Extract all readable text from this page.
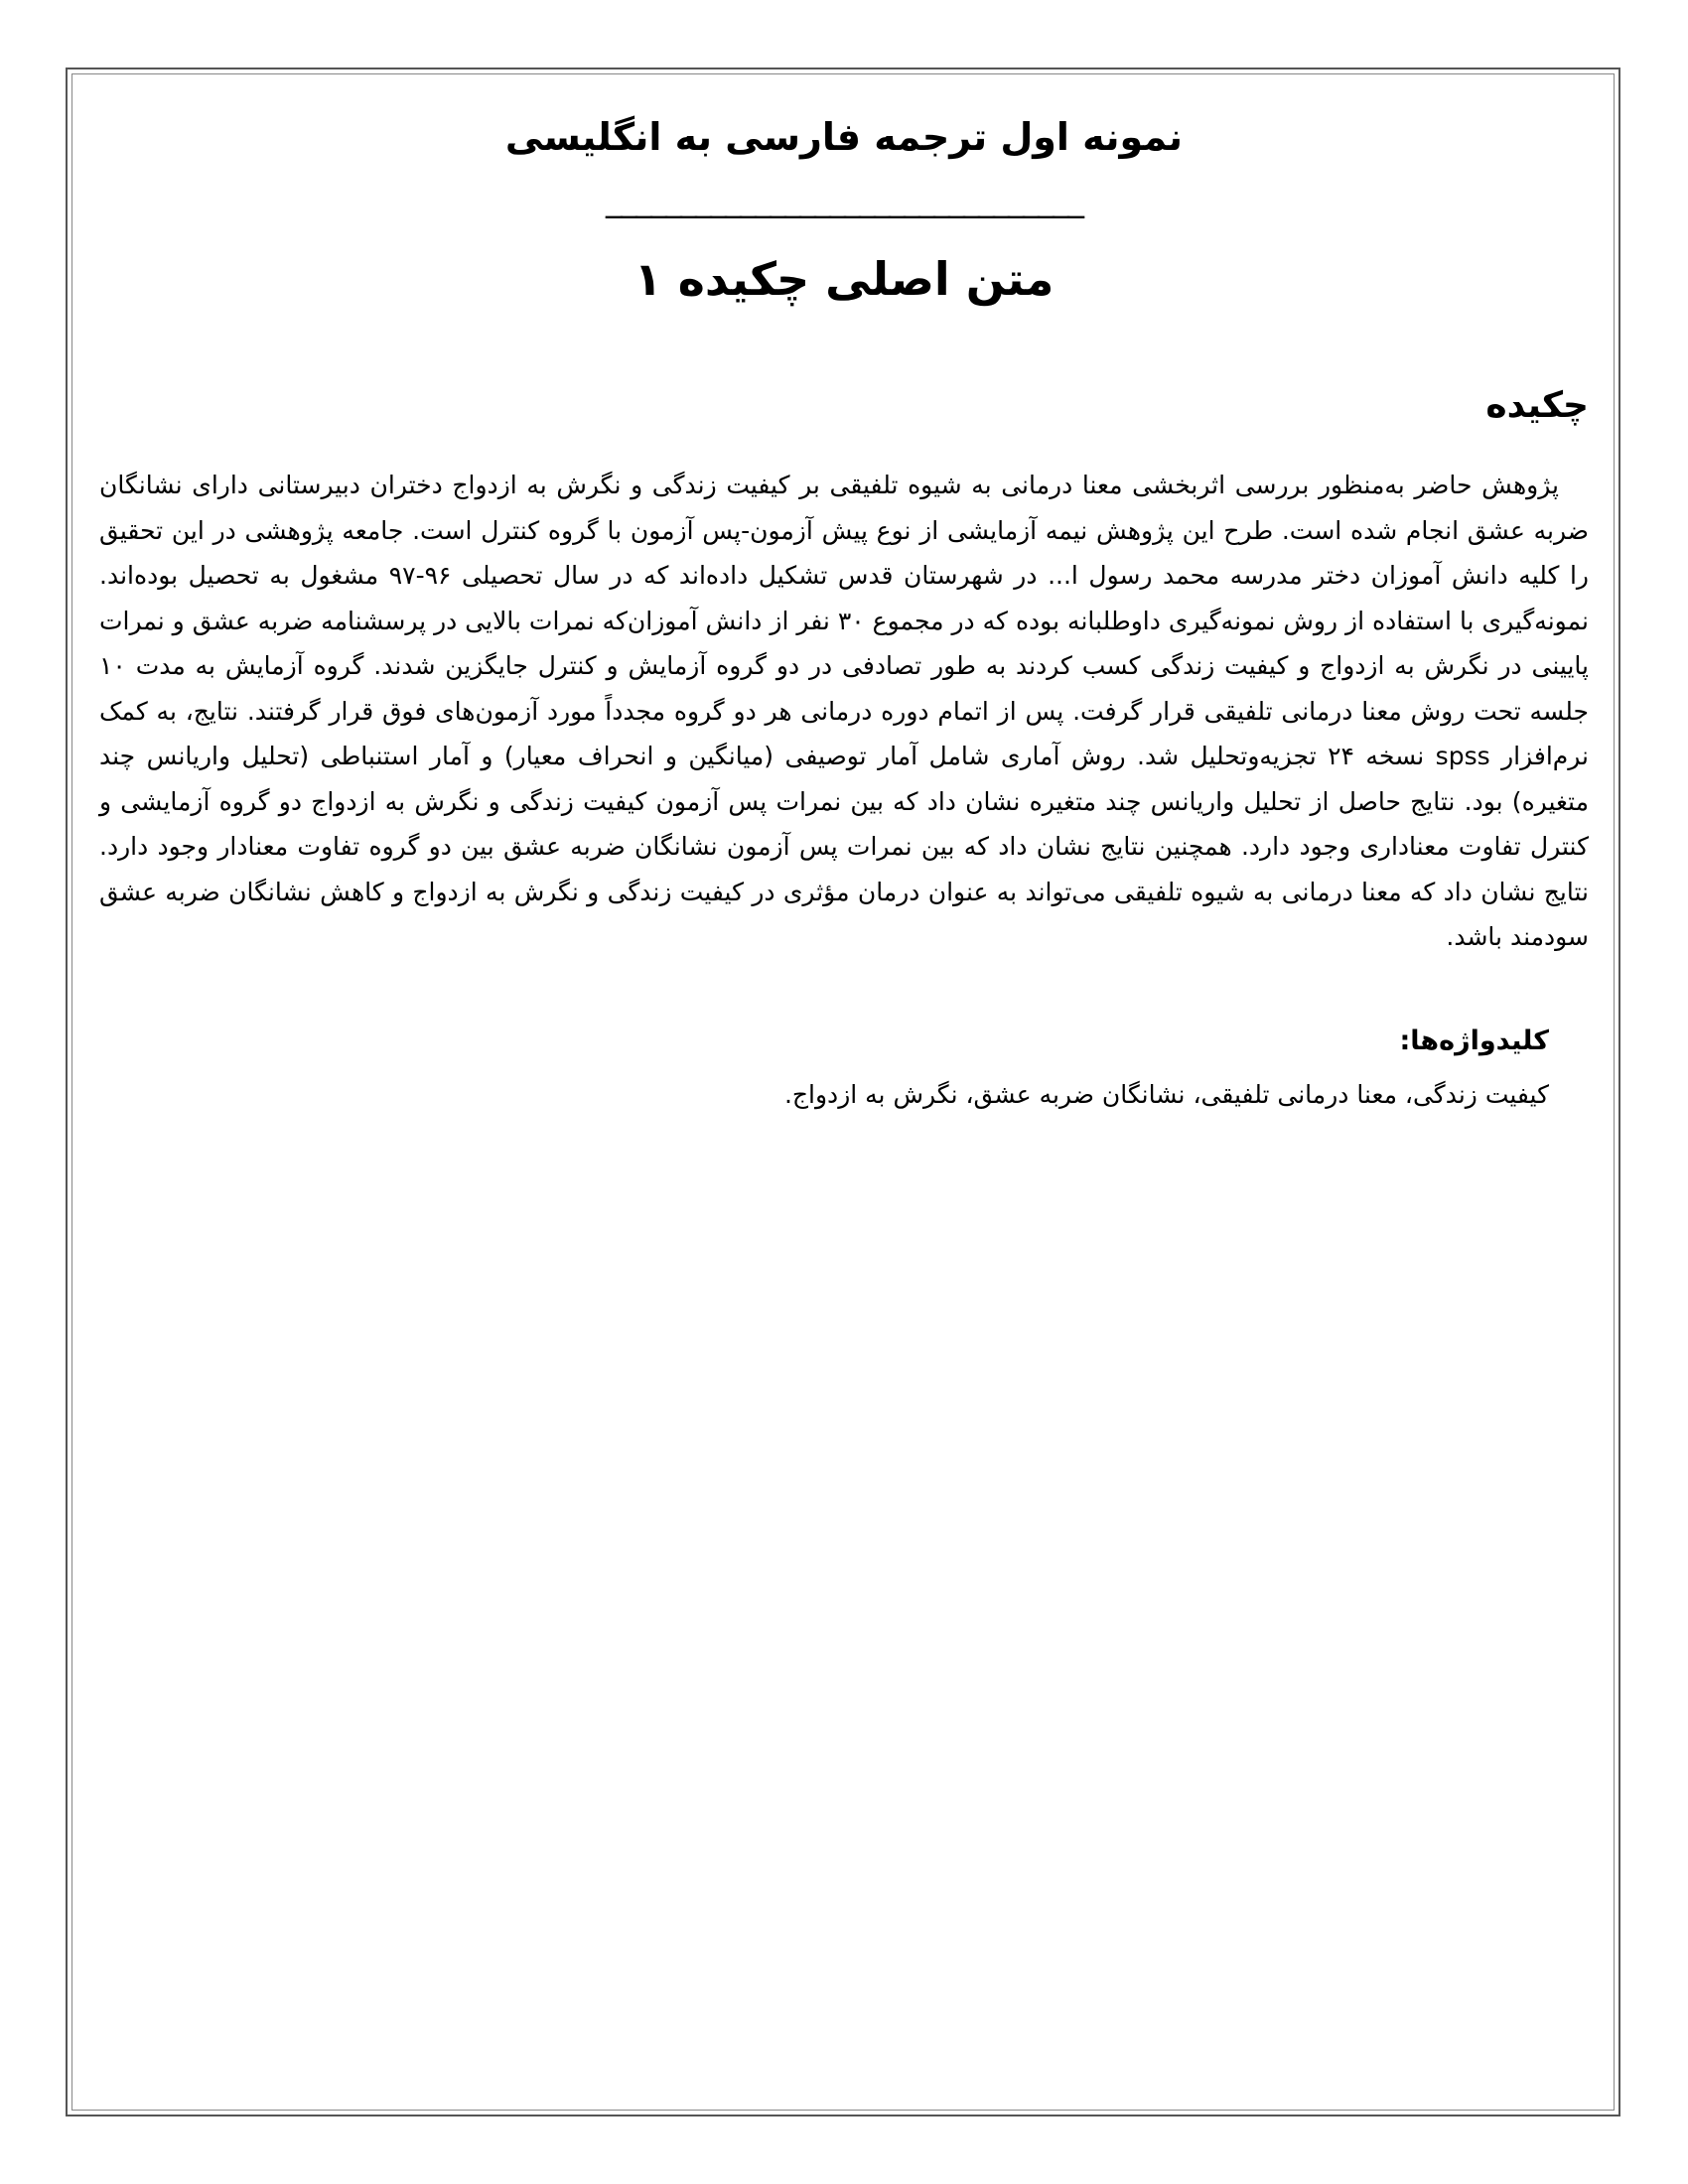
نمونه اول ترجمه فارسی به انگلیسی
________________________________
متن اصلی چکیده ۱
چکیده

پژوهش حاضر به‌منظور بررسی اثربخشی معنا درمانی به شیوه تلفیقی بر کیفیت زندگی و نگرش به ازدواج دختران دبیرستانی دارای نشانگان ضربه عشق انجام شده است. طرح این پژوهش نیمه آزمایشی از نوع پیش آزمون-پس آزمون با گروه کنترل است. جامعه پژوهشی در این تحقیق را کلیه دانش آموزان دختر مدرسه محمد رسول ا... در شهرستان قدس تشکیل داده‌اند که در سال تحصیلی ۹۶-۹۷ مشغول به تحصیل بوده‌اند. نمونه‌گیری با استفاده از روش نمونه‌گیری داوطلبانه بوده که در مجموع ۳۰ نفر از دانش آموزان‌که نمرات بالایی در پرسشنامه ضربه عشق و نمرات پایینی در نگرش به ازدواج و کیفیت زندگی کسب کردند به طور تصادفی در دو گروه آزمایش و کنترل جایگزین شدند. گروه آزمایش به مدت ۱۰ جلسه تحت روش معنا درمانی تلفیقی قرار گرفت. پس از اتمام دوره درمانی هر دو گروه مجدداً مورد آزمون‌های فوق قرار گرفتند. نتایج، به کمک نرم‌افزار spss نسخه ۲۴ تجزیه‌وتحلیل شد. روش آماری شامل آمار توصیفی (میانگین و انحراف معیار) و آمار استنباطی (تحلیل واریانس چند متغیره) بود. نتایج حاصل از تحلیل واریانس چند متغیره نشان داد که بین نمرات پس آزمون کیفیت زندگی و نگرش به ازدواج دو گروه آزمایشی و کنترل تفاوت معناداری وجود دارد. همچنین نتایج نشان داد که بین نمرات پس آزمون نشانگان ضربه عشق بین دو گروه تفاوت معنادار وجود دارد. نتایج نشان داد که معنا درمانی به شیوه تلفیقی می‌تواند به عنوان درمان مؤثری در کیفیت زندگی و نگرش به ازدواج و کاهش نشانگان ضربه عشق سودمند باشد.

کلیدواژه‌ها:
کیفیت زندگی، معنا درمانی تلفیقی، نشانگان ضربه عشق، نگرش به ازدواج.
